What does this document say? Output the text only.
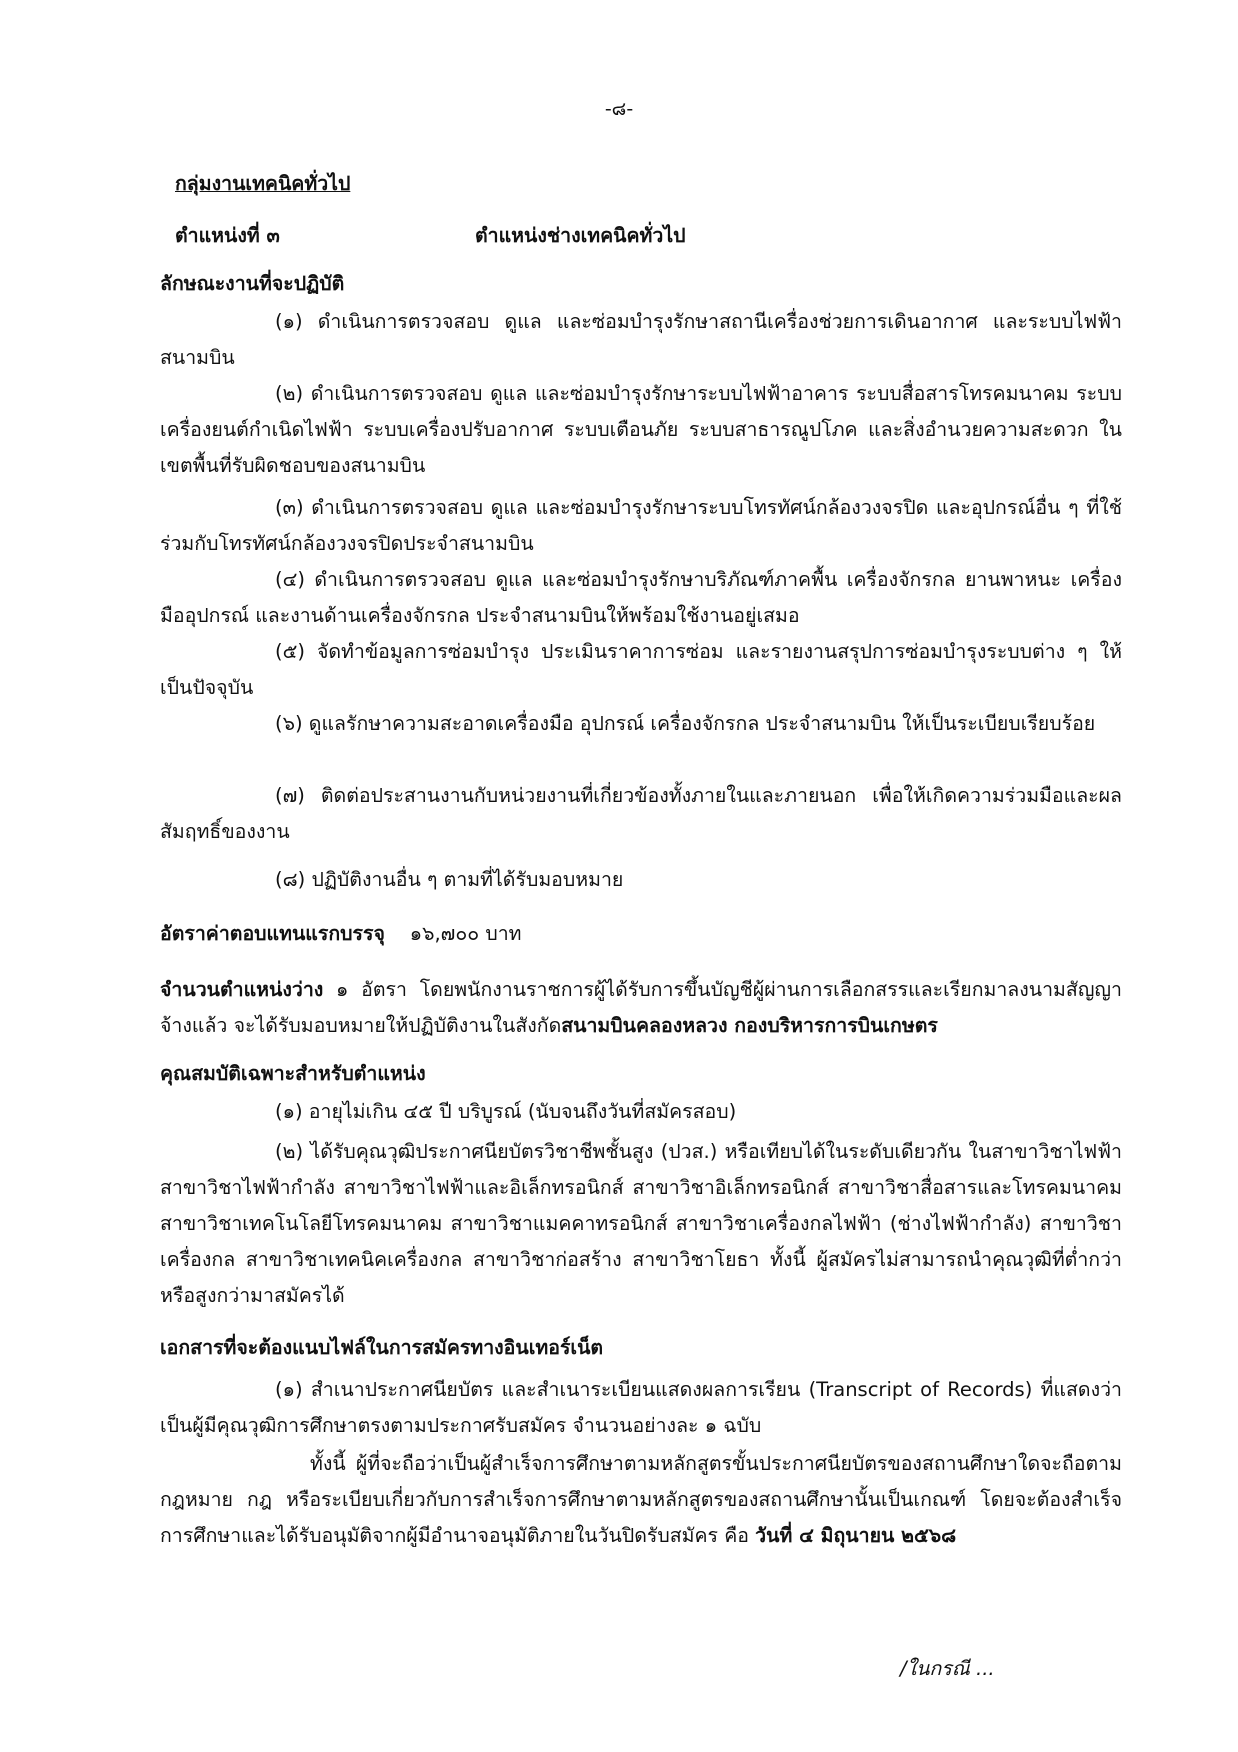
-๘-
กลุ่มงานเทคนิคทั่วไป
ตำแหน่งที่ ๓	ตำแหน่งช่างเทคนิคทั่วไป
ลักษณะงานที่จะปฏิบัติ

(๑) ดำเนินการตรวจสอบ ดูแล และซ่อมบำรุงรักษาสถานีเครื่องช่วยการเดินอากาศ และระบบไฟฟ้าสนามบิน

(๒) ดำเนินการตรวจสอบ ดูแล และซ่อมบำรุงรักษาระบบไฟฟ้าอาคาร ระบบสื่อสารโทรคมนาคม ระบบเครื่องยนต์กำเนิดไฟฟ้า ระบบเครื่องปรับอากาศ ระบบเตือนภัย ระบบสาธารณูปโภค และสิ่งอำนวยความสะดวก ในเขตพื้นที่รับผิดชอบของสนามบิน

(๓) ดำเนินการตรวจสอบ ดูแล และซ่อมบำรุงรักษาระบบโทรทัศน์กล้องวงจรปิด และอุปกรณ์อื่น ๆ ที่ใช้ร่วมกับโทรทัศน์กล้องวงจรปิดประจำสนามบิน

(๔) ดำเนินการตรวจสอบ ดูแล และซ่อมบำรุงรักษาบริภัณฑ์ภาคพื้น เครื่องจักรกล ยานพาหนะ เครื่องมืออุปกรณ์ และงานด้านเครื่องจักรกล ประจำสนามบินให้พร้อมใช้งานอยู่เสมอ

(๕) จัดทำข้อมูลการซ่อมบำรุง ประเมินราคาการซ่อม และรายงานสรุปการซ่อมบำรุงระบบต่าง ๆ ให้เป็นปัจจุบัน

(๖) ดูแลรักษาความสะอาดเครื่องมือ อุปกรณ์ เครื่องจักรกล ประจำสนามบิน ให้เป็นระเบียบเรียบร้อย

(๗) ติดต่อประสานงานกับหน่วยงานที่เกี่ยวข้องทั้งภายในและภายนอก เพื่อให้เกิดความร่วมมือและผลสัมฤทธิ์ของงาน

(๘) ปฏิบัติงานอื่น ๆ ตามที่ได้รับมอบหมาย

อัตราค่าตอบแทนแรกบรรจุ ๑๖,๗๐๐ บาท

จำนวนตำแหน่งว่าง ๑ อัตรา โดยพนักงานราชการผู้ได้รับการขึ้นบัญชีผู้ผ่านการเลือกสรรและเรียกมาลงนามสัญญาจ้างแล้ว จะได้รับมอบหมายให้ปฏิบัติงานในสังกัดสนามบินคลองหลวง กองบริหารการบินเกษตร

คุณสมบัติเฉพาะสำหรับตำแหน่ง

(๑) อายุไม่เกิน ๔๕ ปี บริบูรณ์ (นับจนถึงวันที่สมัครสอบ)

(๒) ได้รับคุณวุฒิประกาศนียบัตรวิชาชีพชั้นสูง (ปวส.) หรือเทียบได้ในระดับเดียวกัน ในสาขาวิชาไฟฟ้า สาขาวิชาไฟฟ้ากำลัง สาขาวิชาไฟฟ้าและอิเล็กทรอนิกส์ สาขาวิชาอิเล็กทรอนิกส์ สาขาวิชาสื่อสารและโทรคมนาคม สาขาวิชาเทคโนโลยีโทรคมนาคม สาขาวิชาแมคคาทรอนิกส์ สาขาวิชาเครื่องกลไฟฟ้า (ช่างไฟฟ้ากำลัง) สาขาวิชาเครื่องกล สาขาวิชาเทคนิคเครื่องกล สาขาวิชาก่อสร้าง สาขาวิชาโยธา ทั้งนี้ ผู้สมัครไม่สามารถนำคุณวุฒิที่ต่ำกว่า หรือสูงกว่ามาสมัครได้

เอกสารที่จะต้องแนบไฟล์ในการสมัครทางอินเทอร์เน็ต

(๑) สำเนาประกาศนียบัตร และสำเนาระเบียนแสดงผลการเรียน (Transcript of Records) ที่แสดงว่าเป็นผู้มีคุณวุฒิการศึกษาตรงตามประกาศรับสมัคร จำนวนอย่างละ ๑ ฉบับ

ทั้งนี้ ผู้ที่จะถือว่าเป็นผู้สำเร็จการศึกษาตามหลักสูตรขั้นประกาศนียบัตรของสถานศึกษาใดจะถือตามกฎหมาย กฎ หรือระเบียบเกี่ยวกับการสำเร็จการศึกษาตามหลักสูตรของสถานศึกษานั้นเป็นเกณฑ์ โดยจะต้องสำเร็จการศึกษาและได้รับอนุมัติจากผู้มีอำนาจอนุมัติภายในวันปิดรับสมัคร คือ วันที่ ๔ มิถุนายน ๒๕๖๘

/ในกรณี ...
